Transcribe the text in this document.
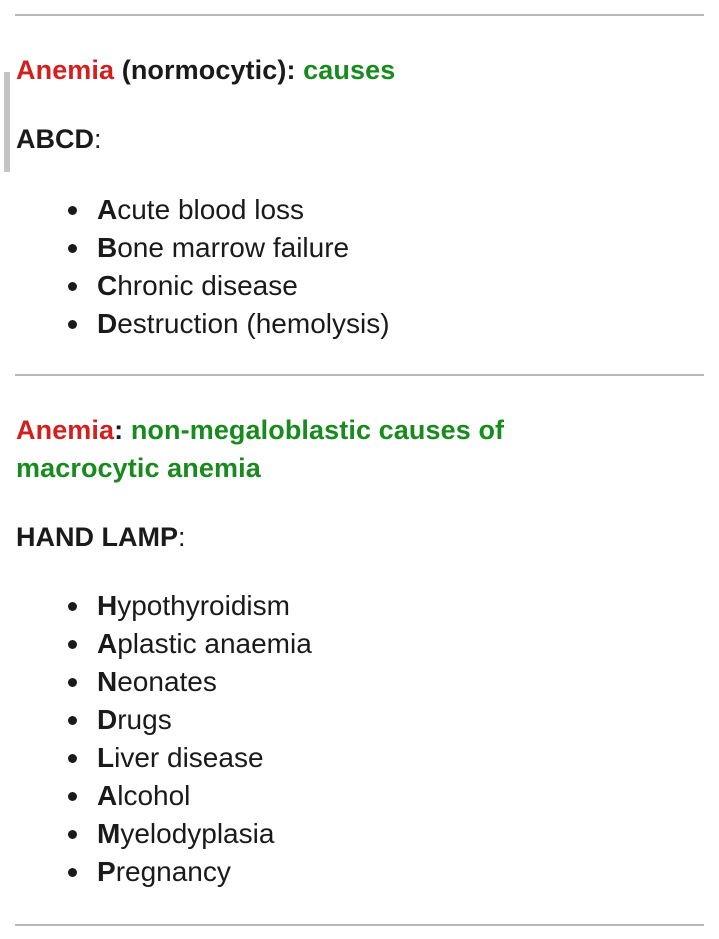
Anemia (normocytic): causes

ABCD:

Acute blood loss
Bone marrow failure
Chronic disease
Destruction (hemolysis)
Anemia: non-megaloblastic causes of macrocytic anemia

HAND LAMP:

Hypothyroidism
Aplastic anaemia
Neonates
Drugs
Liver disease
Alcohol
Myelodyplasia
Pregnancy
